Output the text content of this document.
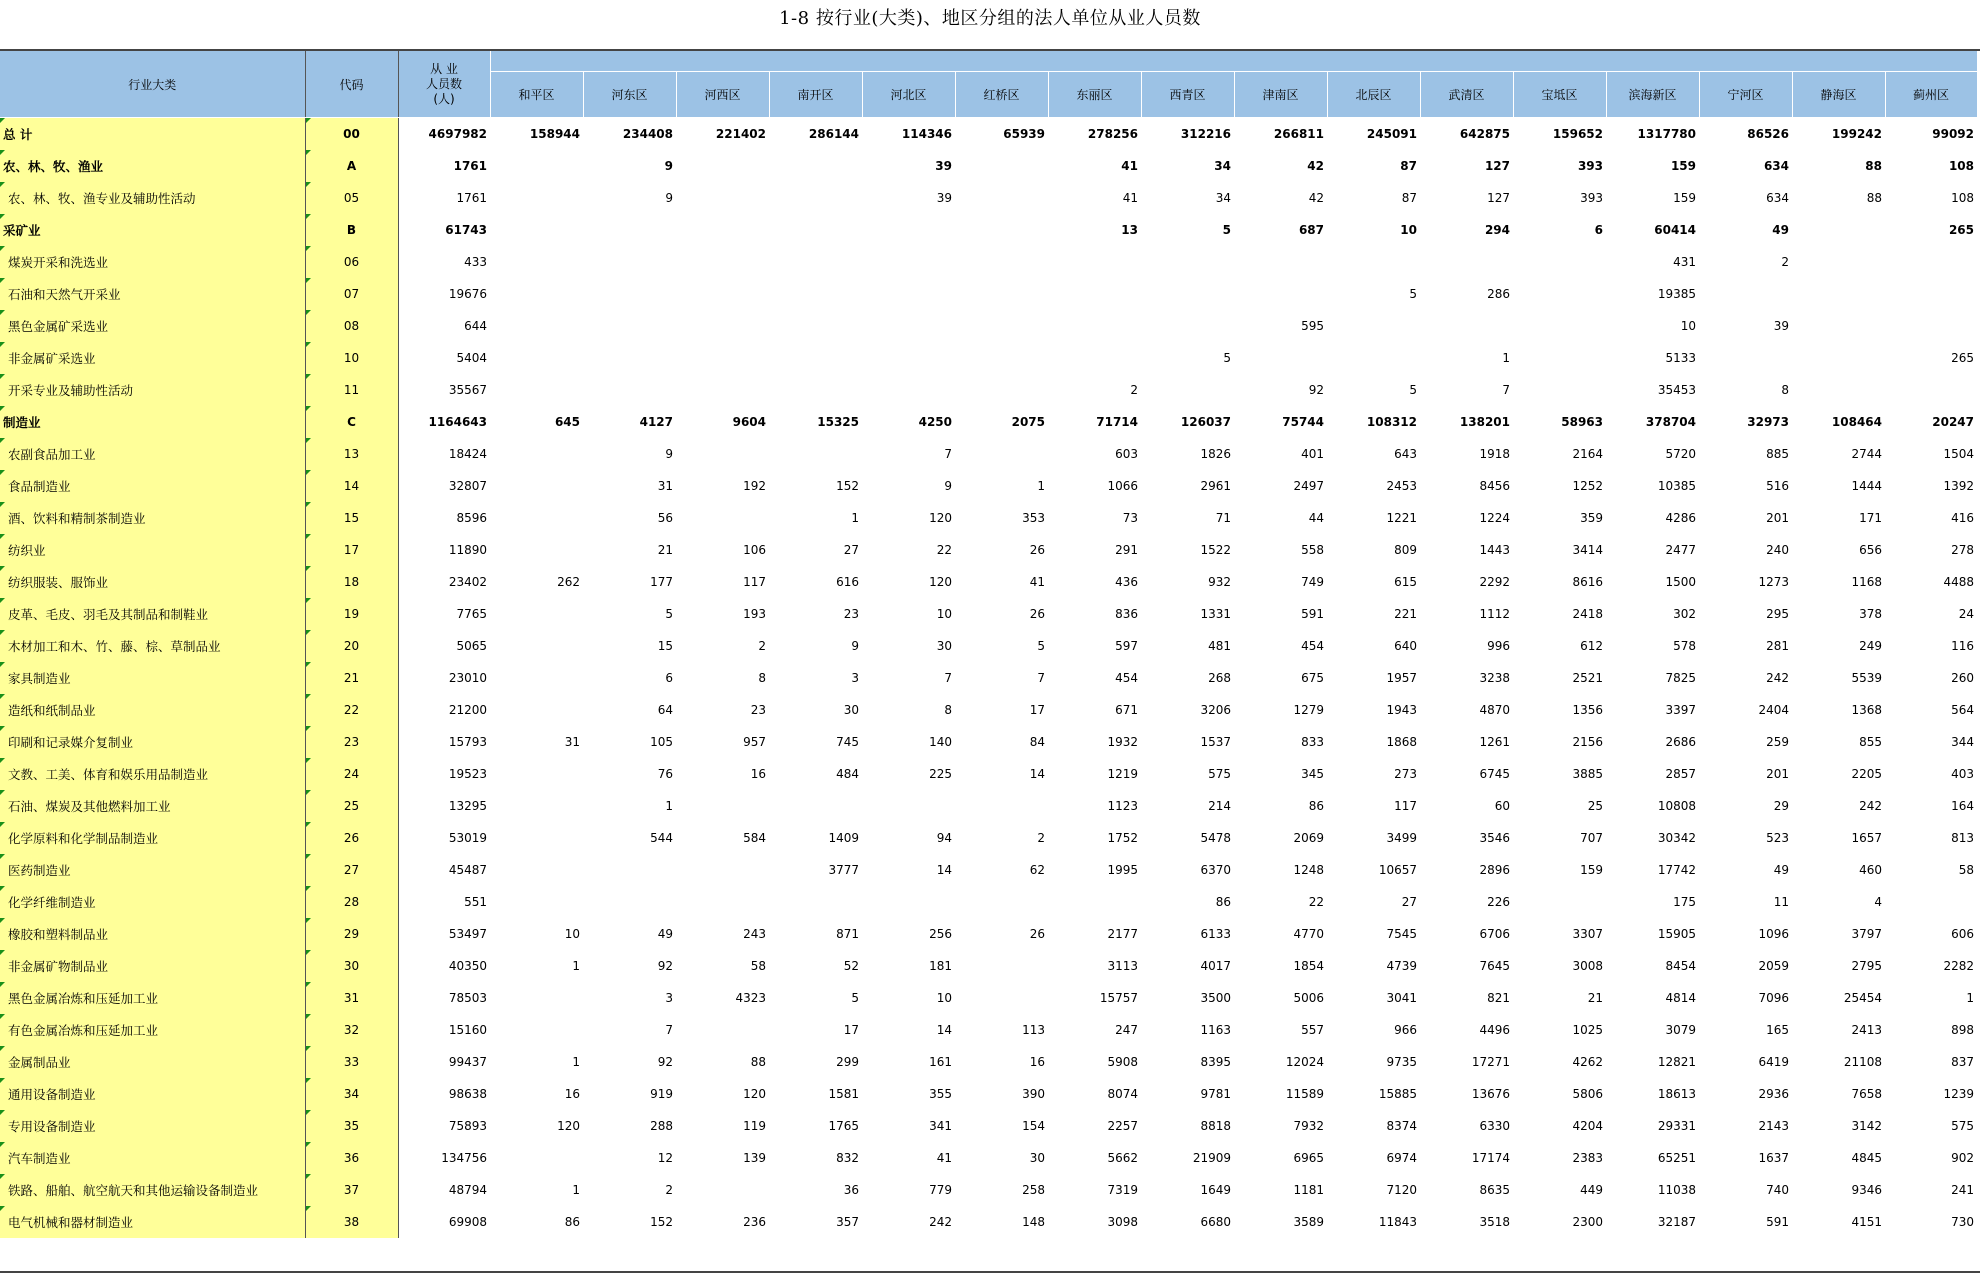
1-8 按行业(大类)、地区分组的法人单位从业人员数
行业大类	代码	从 业
人员数
(人)																

			和平区	河东区	河西区	南开区	河北区	红桥区	东丽区	西青区	津南区	北辰区	武清区	宝坻区	滨海新区	宁河区	静海区	蓟州区
总 计	00	4697982	158944	234408	221402	286144	114346	65939	278256	312216	266811	245091	642875	159652	1317780	86526	199242	99092
农、林、牧、渔业	A	1761		9			39		41	34	42	87	127	393	159	634	88	108
农、林、牧、渔专业及辅助性活动	05	1761		9			39		41	34	42	87	127	393	159	634	88	108
采矿业	B	61743							13	5	687	10	294	6	60414	49		265
煤炭开采和洗选业	06	433													431	2		
石油和天然气开采业	07	19676										5	286		19385			
黑色金属矿采选业	08	644									595				10	39		
非金属矿采选业	10	5404								5			1		5133			265
开采专业及辅助性活动	11	35567							2		92	5	7		35453	8		
制造业	C	1164643	645	4127	9604	15325	4250	2075	71714	126037	75744	108312	138201	58963	378704	32973	108464	20247
农副食品加工业	13	18424		9			7		603	1826	401	643	1918	2164	5720	885	2744	1504
食品制造业	14	32807		31	192	152	9	1	1066	2961	2497	2453	8456	1252	10385	516	1444	1392
酒、饮料和精制茶制造业	15	8596		56		1	120	353	73	71	44	1221	1224	359	4286	201	171	416
纺织业	17	11890		21	106	27	22	26	291	1522	558	809	1443	3414	2477	240	656	278
纺织服装、服饰业	18	23402	262	177	117	616	120	41	436	932	749	615	2292	8616	1500	1273	1168	4488
皮革、毛皮、羽毛及其制品和制鞋业	19	7765		5	193	23	10	26	836	1331	591	221	1112	2418	302	295	378	24
木材加工和木、竹、藤、棕、草制品业	20	5065		15	2	9	30	5	597	481	454	640	996	612	578	281	249	116
家具制造业	21	23010		6	8	3	7	7	454	268	675	1957	3238	2521	7825	242	5539	260
造纸和纸制品业	22	21200		64	23	30	8	17	671	3206	1279	1943	4870	1356	3397	2404	1368	564
印刷和记录媒介复制业	23	15793	31	105	957	745	140	84	1932	1537	833	1868	1261	2156	2686	259	855	344
文教、工美、体育和娱乐用品制造业	24	19523		76	16	484	225	14	1219	575	345	273	6745	3885	2857	201	2205	403
石油、煤炭及其他燃料加工业	25	13295		1					1123	214	86	117	60	25	10808	29	242	164
化学原料和化学制品制造业	26	53019		544	584	1409	94	2	1752	5478	2069	3499	3546	707	30342	523	1657	813
医药制造业	27	45487				3777	14	62	1995	6370	1248	10657	2896	159	17742	49	460	58
化学纤维制造业	28	551								86	22	27	226		175	11	4	
橡胶和塑料制品业	29	53497	10	49	243	871	256	26	2177	6133	4770	7545	6706	3307	15905	1096	3797	606
非金属矿物制品业	30	40350	1	92	58	52	181		3113	4017	1854	4739	7645	3008	8454	2059	2795	2282
黑色金属冶炼和压延加工业	31	78503		3	4323	5	10		15757	3500	5006	3041	821	21	4814	7096	25454	1
有色金属冶炼和压延加工业	32	15160		7		17	14	113	247	1163	557	966	4496	1025	3079	165	2413	898
金属制品业	33	99437	1	92	88	299	161	16	5908	8395	12024	9735	17271	4262	12821	6419	21108	837
通用设备制造业	34	98638	16	919	120	1581	355	390	8074	9781	11589	15885	13676	5806	18613	2936	7658	1239
专用设备制造业	35	75893	120	288	119	1765	341	154	2257	8818	7932	8374	6330	4204	29331	2143	3142	575
汽车制造业	36	134756		12	139	832	41	30	5662	21909	6965	6974	17174	2383	65251	1637	4845	902
铁路、船舶、航空航天和其他运输设备制造业	37	48794	1	2		36	779	258	7319	1649	1181	7120	8635	449	11038	740	9346	241
电气机械和器材制造业	38	69908	86	152	236	357	242	148	3098	6680	3589	11843	3518	2300	32187	591	4151	730
